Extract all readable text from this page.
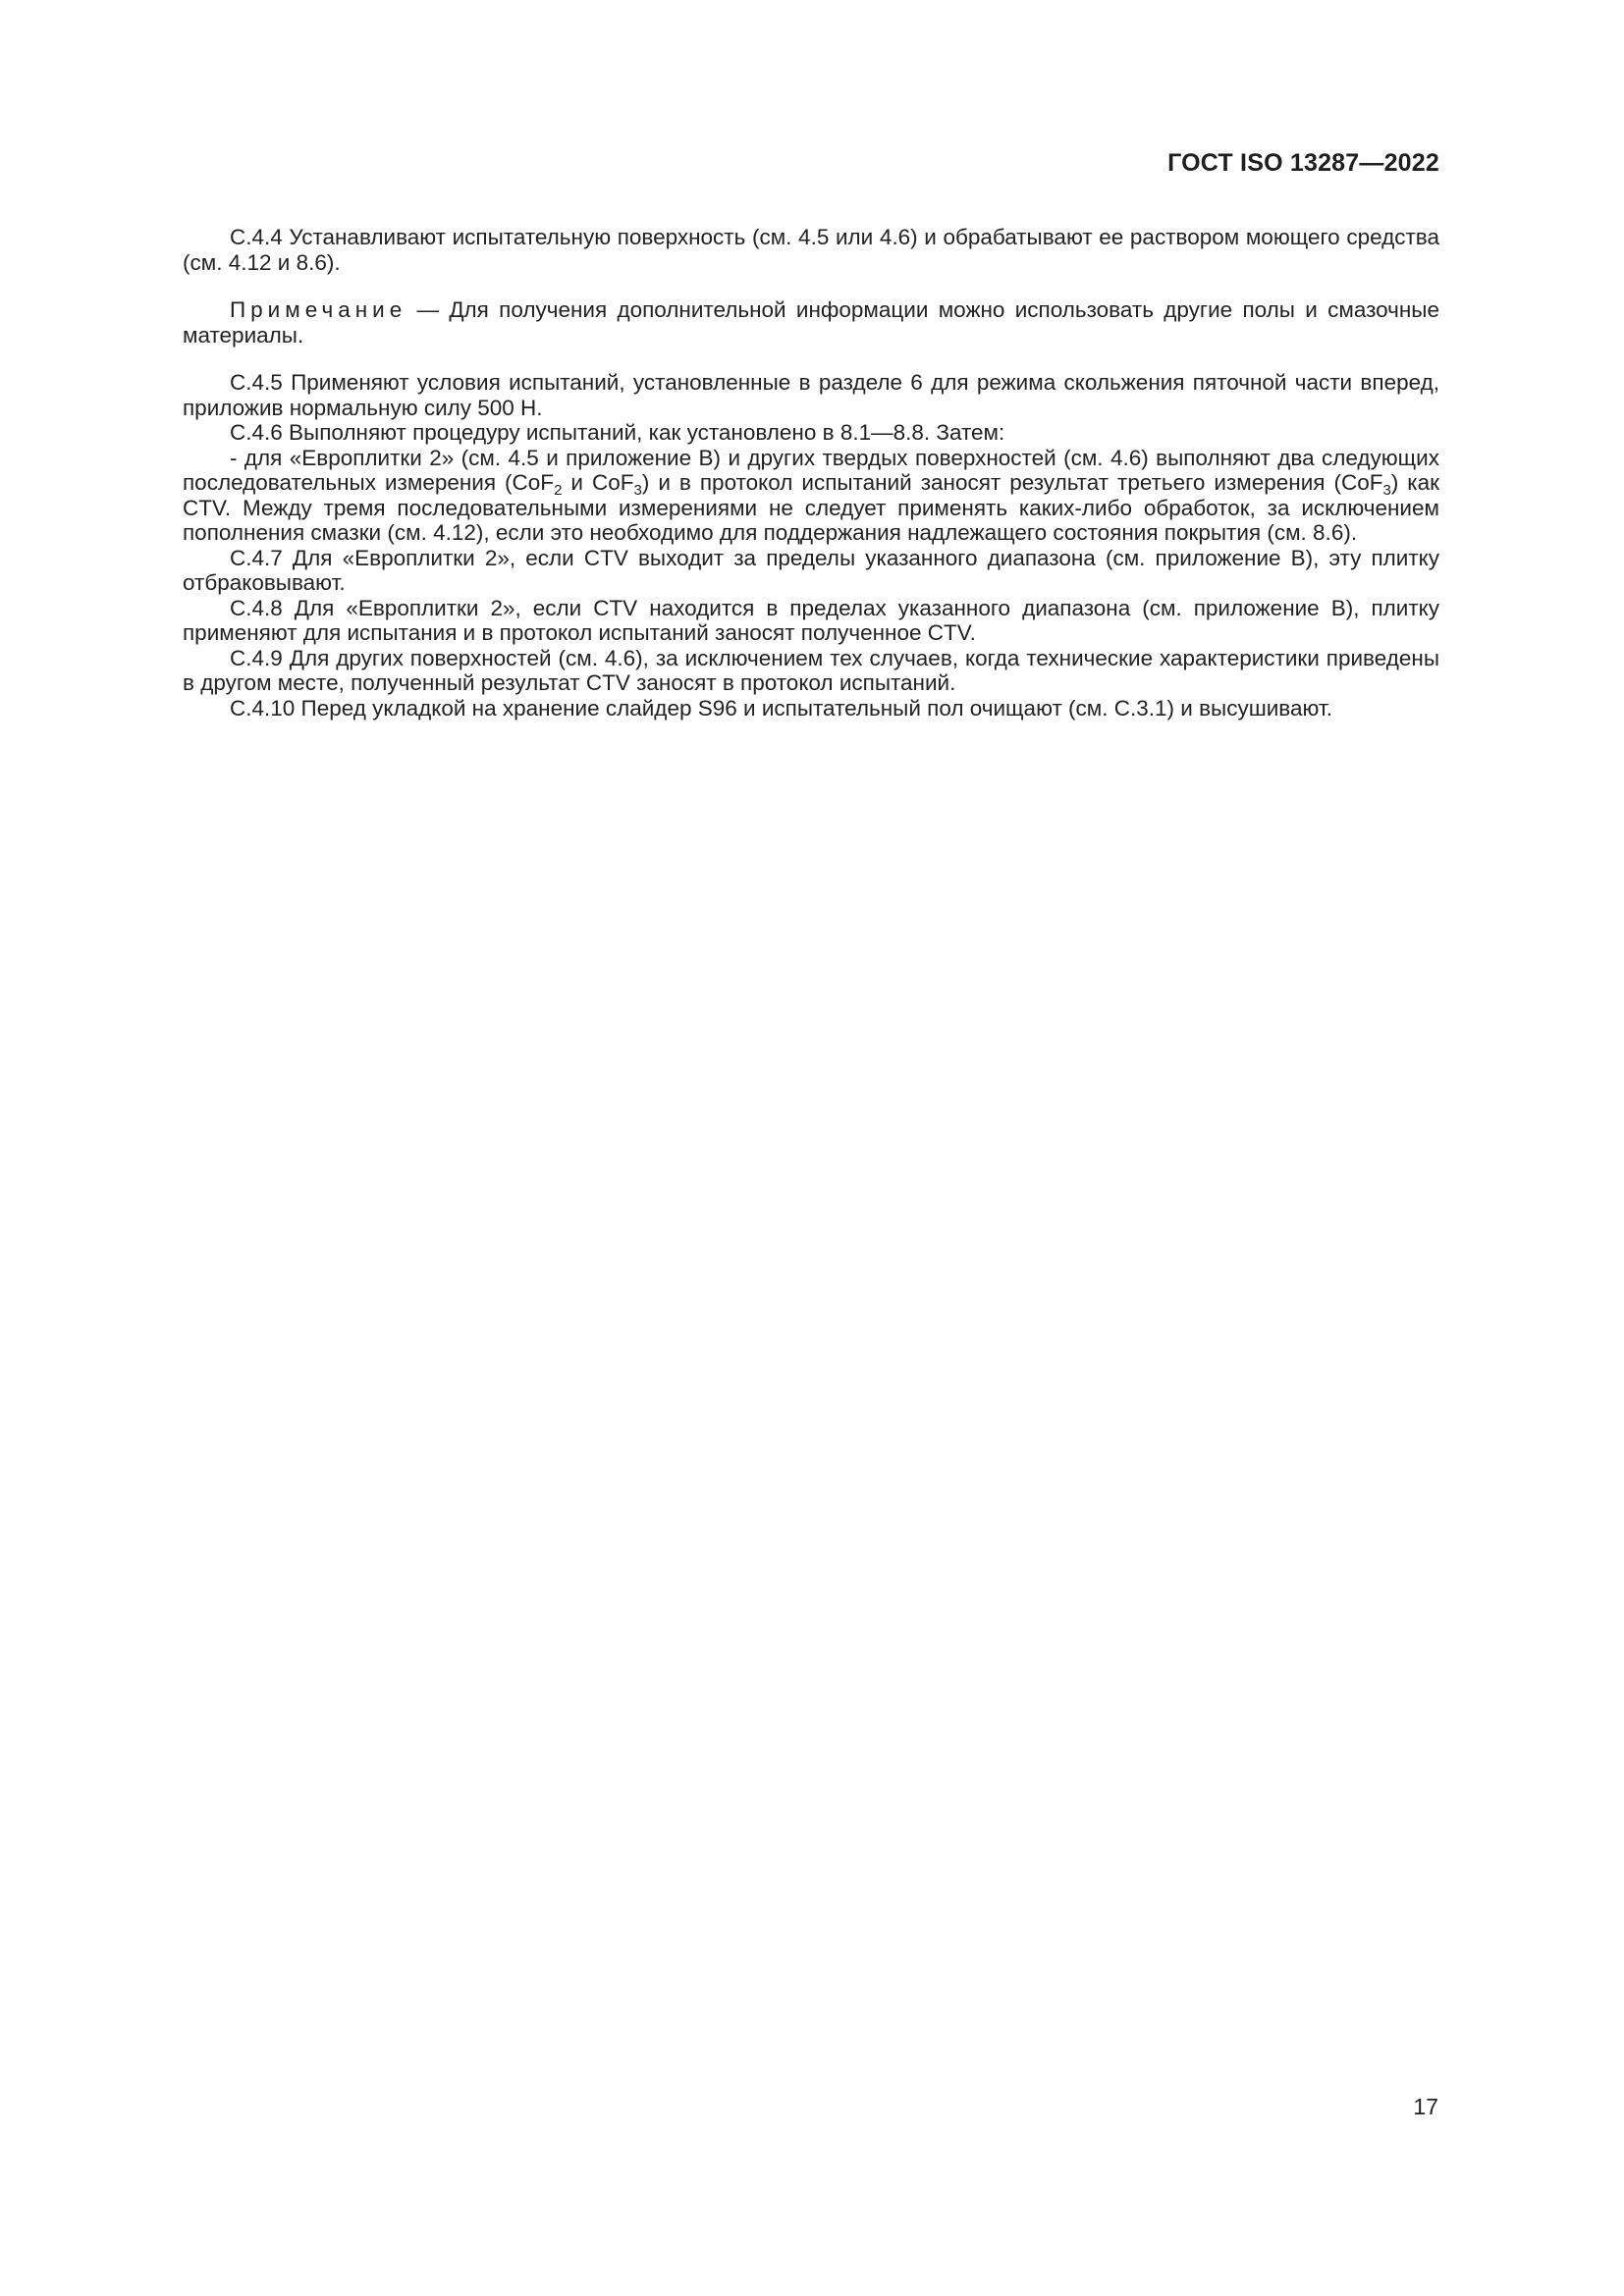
ГОСТ ISO 13287—2022

C.4.4 Устанавливают испытательную поверхность (см. 4.5 или 4.6) и обрабатывают ее раствором моющего средства (см. 4.12 и 8.6).

Примечание — Для получения дополнительной информации можно использовать другие полы и смазочные материалы.

C.4.5 Применяют условия испытаний, установленные в разделе 6 для режима скольжения пяточной части вперед, приложив нормальную силу 500 Н.

C.4.6 Выполняют процедуру испытаний, как установлено в 8.1—8.8. Затем:

- для «Европлитки 2» (см. 4.5 и приложение В) и других твердых поверхностей (см. 4.6) выполняют два следующих последовательных измерения (CoF$_2$ и CoF$_3$) и в протокол испытаний заносят результат третьего измерения (CoF$_3$) как CTV. Между тремя последовательными измерениями не следует применять каких-либо обработок, за исключением пополнения смазки (см. 4.12), если это необходимо для поддержания надлежащего состояния покрытия (см. 8.6).

C.4.7 Для «Европлитки 2», если CTV выходит за пределы указанного диапазона (см. приложение В), эту плитку отбраковывают.

C.4.8 Для «Европлитки 2», если CTV находится в пределах указанного диапазона (см. приложение В), плитку применяют для испытания и в протокол испытаний заносят полученное CTV.

C.4.9 Для других поверхностей (см. 4.6), за исключением тех случаев, когда технические характеристики приведены в другом месте, полученный результат CTV заносят в протокол испытаний.

C.4.10 Перед укладкой на хранение слайдер S96 и испытательный пол очищают (см. C.3.1) и высушивают.

17
